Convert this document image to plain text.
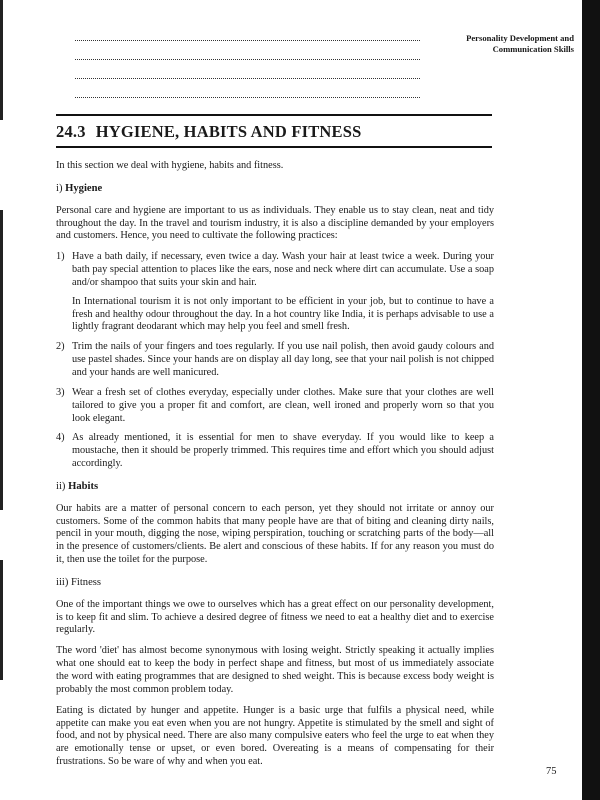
Personality Development and
Communication Skills
24.3 HYGIENE, HABITS AND FITNESS

In this section we deal with hygiene, habits and fitness.

i) Hygiene

Personal care and hygiene are important to us as individuals. They enable us to stay clean, neat and tidy throughout the day. In the travel and tourism industry, it is also a discipline demanded by your employers and customers. Hence, you need to cultivate the following practices:

1) Have a bath daily, if necessary, even twice a day. Wash your hair at least twice a week. During your bath pay special attention to places like the ears, nose and neck where dirt can accumulate. Use a soap and/or shampoo that suits your skin and hair.

In International tourism it is not only important to be efficient in your job, but to continue to have a fresh and healthy odour throughout the day. In a hot country like India, it is perhaps advisable to use a lightly fragrant deodarant which may help you feel and smell fresh.

2) Trim the nails of your fingers and toes regularly. If you use nail polish, then avoid gaudy colours and use pastel shades. Since your hands are on display all day long, see that your nail polish is not chipped and your hands are well manicured.

3) Wear a fresh set of clothes everyday, especially under clothes. Make sure that your clothes are well tailored to give you a proper fit and comfort, are clean, well ironed and properly worn so that you look elegant.

4) As already mentioned, it is essential for men to shave everyday. If you would like to keep a moustache, then it should be properly trimmed. This requires time and effort which you should adjust accordingly.

ii) Habits

Our habits are a matter of personal concern to each person, yet they should not irritate or annoy our customers. Some of the common habits that many people have are that of biting and cleaning dirty nails, pencil in your mouth, digging the nose, wiping perspiration, touching or scratching parts of the body—all in the presence of customers/clients. Be alert and conscious of these habits. If for any reason you must do it, then use the toilet for the purpose.

iii) Fitness

One of the important things we owe to ourselves which has a great effect on our personality development, is to keep fit and slim. To achieve a desired degree of fitness we need to eat a healthy diet and to exercise regularly.

The word 'diet' has almost become synonymous with losing weight. Strictly speaking it actually implies what one should eat to keep the body in perfect shape and fitness, but most of us immediately associate the word with eating programmes that are designed to shed weight. This is because excess body weight is probably the most common problem today.

Eating is dictated by hunger and appetite. Hunger is a basic urge that fulfils a physical need, while appetite can make you eat even when you are not hungry. Appetite is stimulated by the smell and sight of food, and not by physical need. There are also many compulsive eaters who feel the urge to eat when they are emotionally tense or upset, or even bored. Overeating is a means of compensating for their frustrations. So be ware of why and when you eat.

75
